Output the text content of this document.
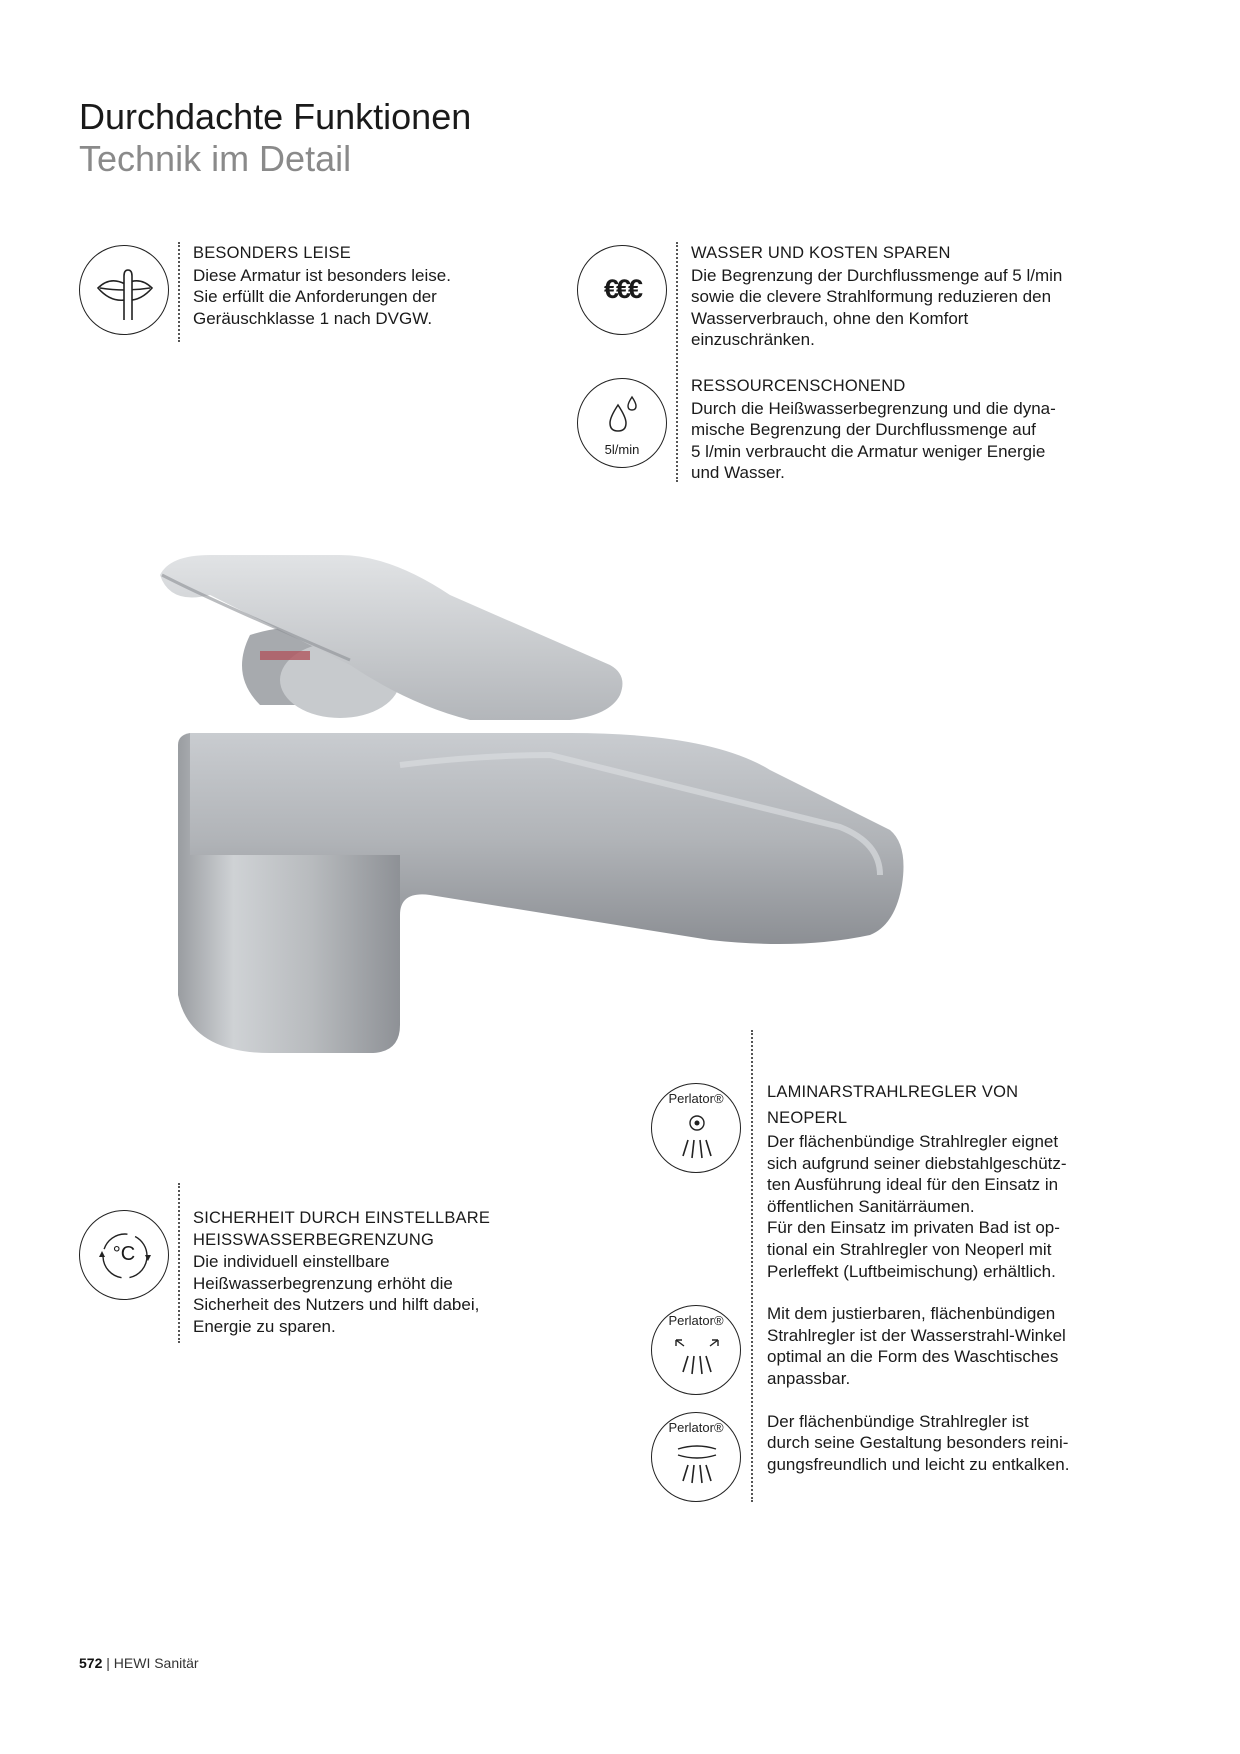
Durchdachte Funktionen
Technik im Detail

BESONDERS LEISE

Diese Armatur ist besonders leise.

Sie erfüllt die Anforderungen der

Geräuschklasse 1 nach DVGW.

€€€

WASSER UND KOSTEN SPAREN

Die Begrenzung der Durchflussmenge auf 5 l/min

sowie die clevere Strahlformung reduzieren den

Wasserverbrauch, ohne den Komfort

einzuschränken.

5l/min

RESSOURCENSCHONEND

Durch die Heißwasserbegrenzung und die dyna-

mische Begrenzung der Durchflussmenge auf

5 l/min verbraucht die Armatur weniger Energie

und Wasser.

°C

SICHERHEIT DURCH EINSTELLBARE

HEISSWASSERBEGRENZUNG

Die individuell einstellbare

Heißwasserbegrenzung erhöht die

Sicherheit des Nutzers und hilft dabei,

Energie zu sparen.

Perlator®
Perlator®
Perlator®

LAMINARSTRAHLREGLER VON

NEOPERL

Der flächenbündige Strahlregler eignet

sich aufgrund seiner diebstahlgeschütz-

ten Ausführung ideal für den Einsatz in

öffentlichen Sanitärräumen.

Für den Einsatz im privaten Bad ist op-

tional ein Strahlregler von Neoperl mit

Perleffekt (Luftbeimischung) erhältlich.

Mit dem justierbaren, flächenbündigen

Strahlregler ist der Wasserstrahl-Winkel

optimal an die Form des Waschtisches

anpassbar.

Der flächenbündige Strahlregler ist

durch seine Gestaltung besonders reini-

gungsfreundlich und leicht zu entkalken.

572 | HEWI Sanitär
